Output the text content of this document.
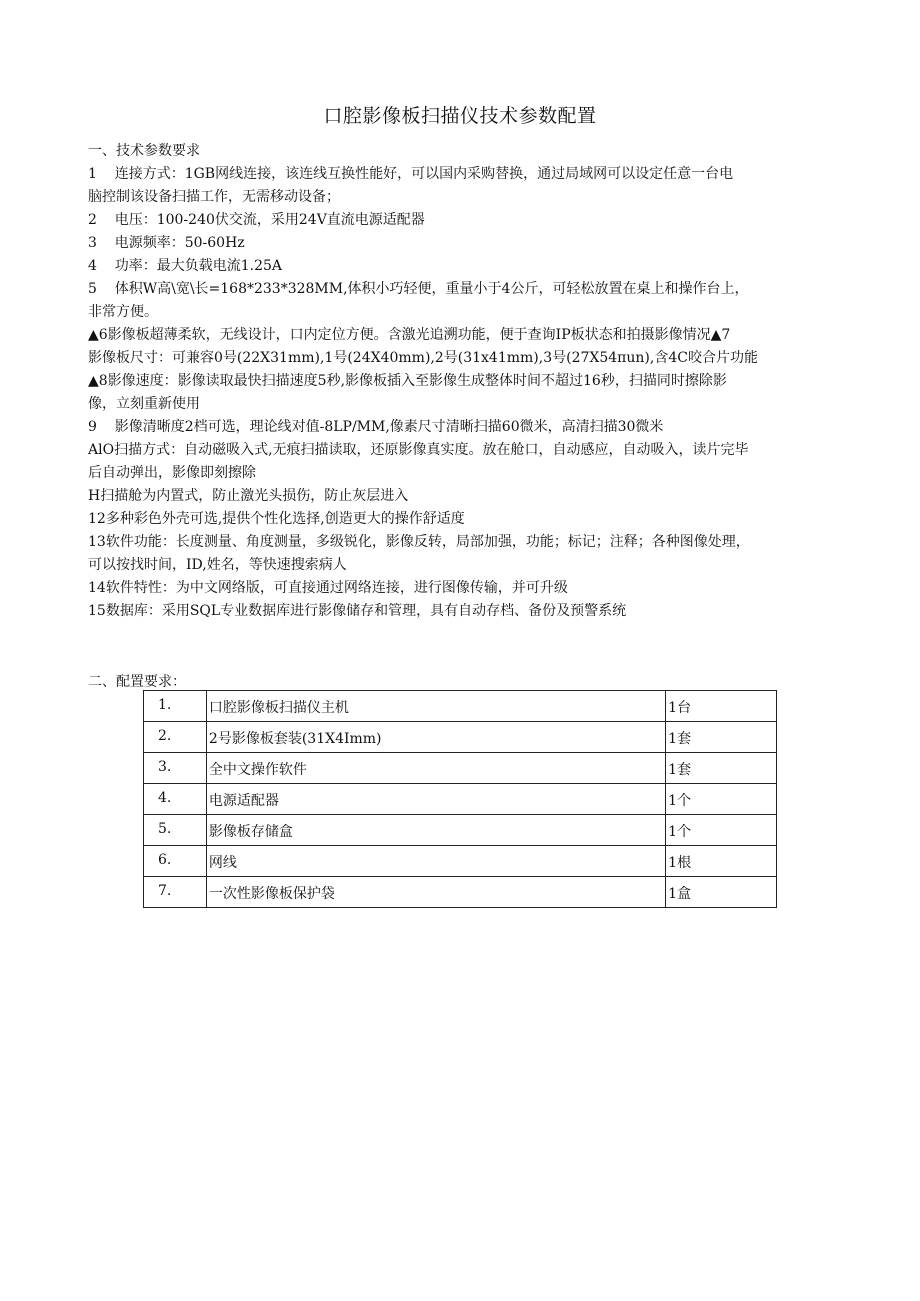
口腔影像板扫描仪技术参数配置
一、技术参数要求
1    连接方式：1GB网线连接，该连线互换性能好，可以国内采购替换，通过局域网可以设定任意一台电
脑控制该设备扫描工作，无需移动设备；
2    电压：100-240伏交流，采用24V直流电源适配器
3    电源频率：50-60Hz
4    功率：最大负载电流1.25A
5    体积W高\宽\长=168*233*328MM,体积小巧轻便，重量小于4公斤，可轻松放置在桌上和操作台上，
非常方便。
▲6影像板超薄柔软，无线设计，口内定位方便。含激光追溯功能，便于查询IP板状态和拍摄影像情况▲7
影像板尺寸：可兼容0号(22X31mm),1号(24X40mm),2号(31x41mm),3号(27X54πun),含4C咬合片功能
▲8影像速度：影像读取最快扫描速度5秒,影像板插入至影像生成整体时间不超过16秒，扫描同时擦除影
像，立刻重新使用
9    影像清晰度2档可选，理论线对值-8LP/MM,像素尺寸清晰扫描60微米，高清扫描30微米
AlO扫描方式：自动磁吸入式,无痕扫描读取，还原影像真实度。放在舱口，自动感应，自动吸入，读片完毕
后自动弹出，影像即刻擦除
H扫描舱为内置式，防止激光头损伤，防止灰层进入
12多种彩色外壳可选,提供个性化选择,创造更大的操作舒适度
13软件功能：长度测量、角度测量，多级锐化，影像反转，局部加强，功能；标记；注释；各种图像处理，
可以按找时间，ID,姓名，等快速搜索病人
14软件特性：为中文网络版，可直接通过网络连接，进行图像传输，并可升级
15数据库：采用SQL专业数据库进行影像储存和管理，具有自动存档、备份及预警系统
二、配置要求：
1.	口腔影像板扫描仪主机	1台
2.	2号影像板套装(31X4Imm)	1套
3.	全中文操作软件	1套
4.	电源适配器	1个
5.	影像板存储盒	1个
6.	网线	1根
7.	一次性影像板保护袋	1盒
